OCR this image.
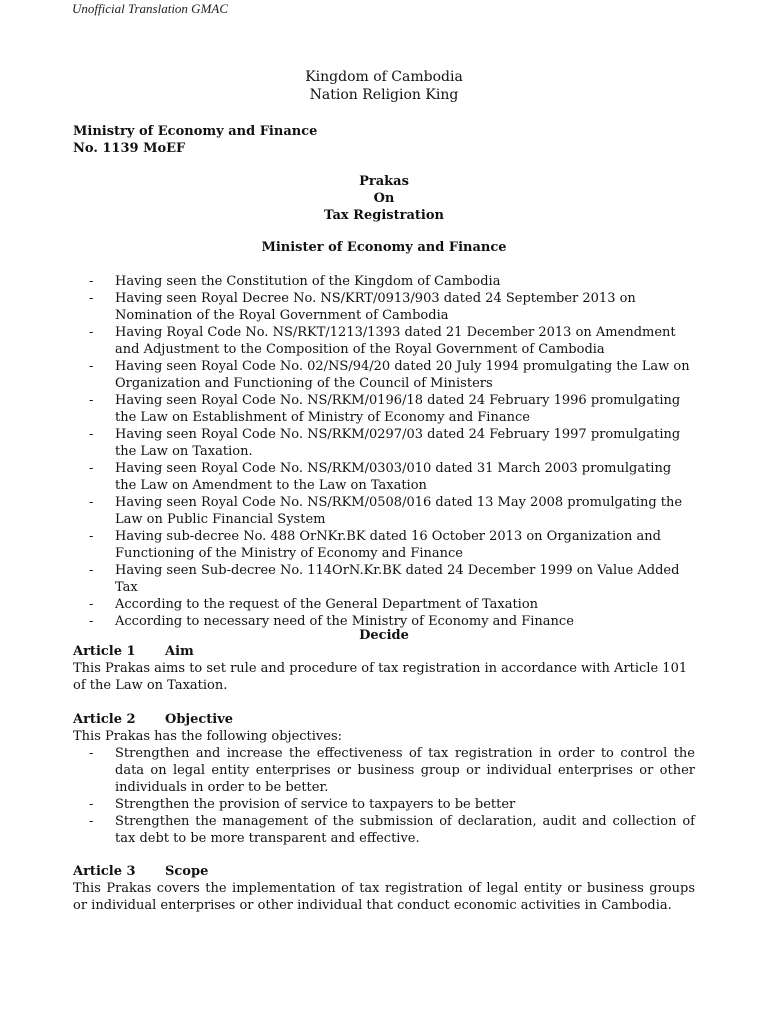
Unofficial Translation GMAC
Kingdom of Cambodia
Nation Religion King
Ministry of Economy and Finance
No. 1139 MoEF
Prakas
On
Tax Registration
Minister of Economy and Finance
- Having seen the Constitution of the Kingdom of Cambodia
- Having seen Royal Decree No. NS/KRT/0913/903 dated 24 September 2013 on Nomination of the Royal Government of Cambodia
- Having Royal Code No. NS/RKT/1213/1393 dated 21 December 2013 on Amendment and Adjustment to the Composition of the Royal Government of Cambodia
- Having seen Royal Code No. 02/NS/94/20 dated 20 July 1994 promulgating the Law on Organization and Functioning of the Council of Ministers
- Having seen Royal Code No. NS/RKM/0196/18 dated 24 February 1996 promulgating the Law on Establishment of Ministry of Economy and Finance
- Having seen Royal Code No. NS/RKM/0297/03 dated 24 February 1997 promulgating the Law on Taxation.
- Having seen Royal Code No. NS/RKM/0303/010 dated 31 March 2003 promulgating the Law on Amendment to the Law on Taxation
- Having seen Royal Code No. NS/RKM/0508/016 dated 13 May 2008 promulgating the Law on Public Financial System
- Having sub-decree No. 488 OrNKr.BK dated 16 October 2013 on Organization and Functioning of the Ministry of Economy and Finance
- Having seen Sub-decree No. 114OrN.Kr.BK dated 24 December 1999 on Value Added Tax
- According to the request of the General Department of Taxation
- According to necessary need of the Ministry of Economy and Finance
Decide
Article 1 Aim
This Prakas aims to set rule and procedure of tax registration in accordance with Article 101 of the Law on Taxation.
Article 2 Objective
This Prakas has the following objectives:
- Strengthen and increase the effectiveness of tax registration in order to control the data on legal entity enterprises or business group or individual enterprises or other individuals in order to be better.
- Strengthen the provision of service to taxpayers to be better
- Strengthen the management of the submission of declaration, audit and collection of tax debt to be more transparent and effective.
Article 3 Scope
This Prakas covers the implementation of tax registration of legal entity or business groups or individual enterprises or other individual that conduct economic activities in Cambodia.
